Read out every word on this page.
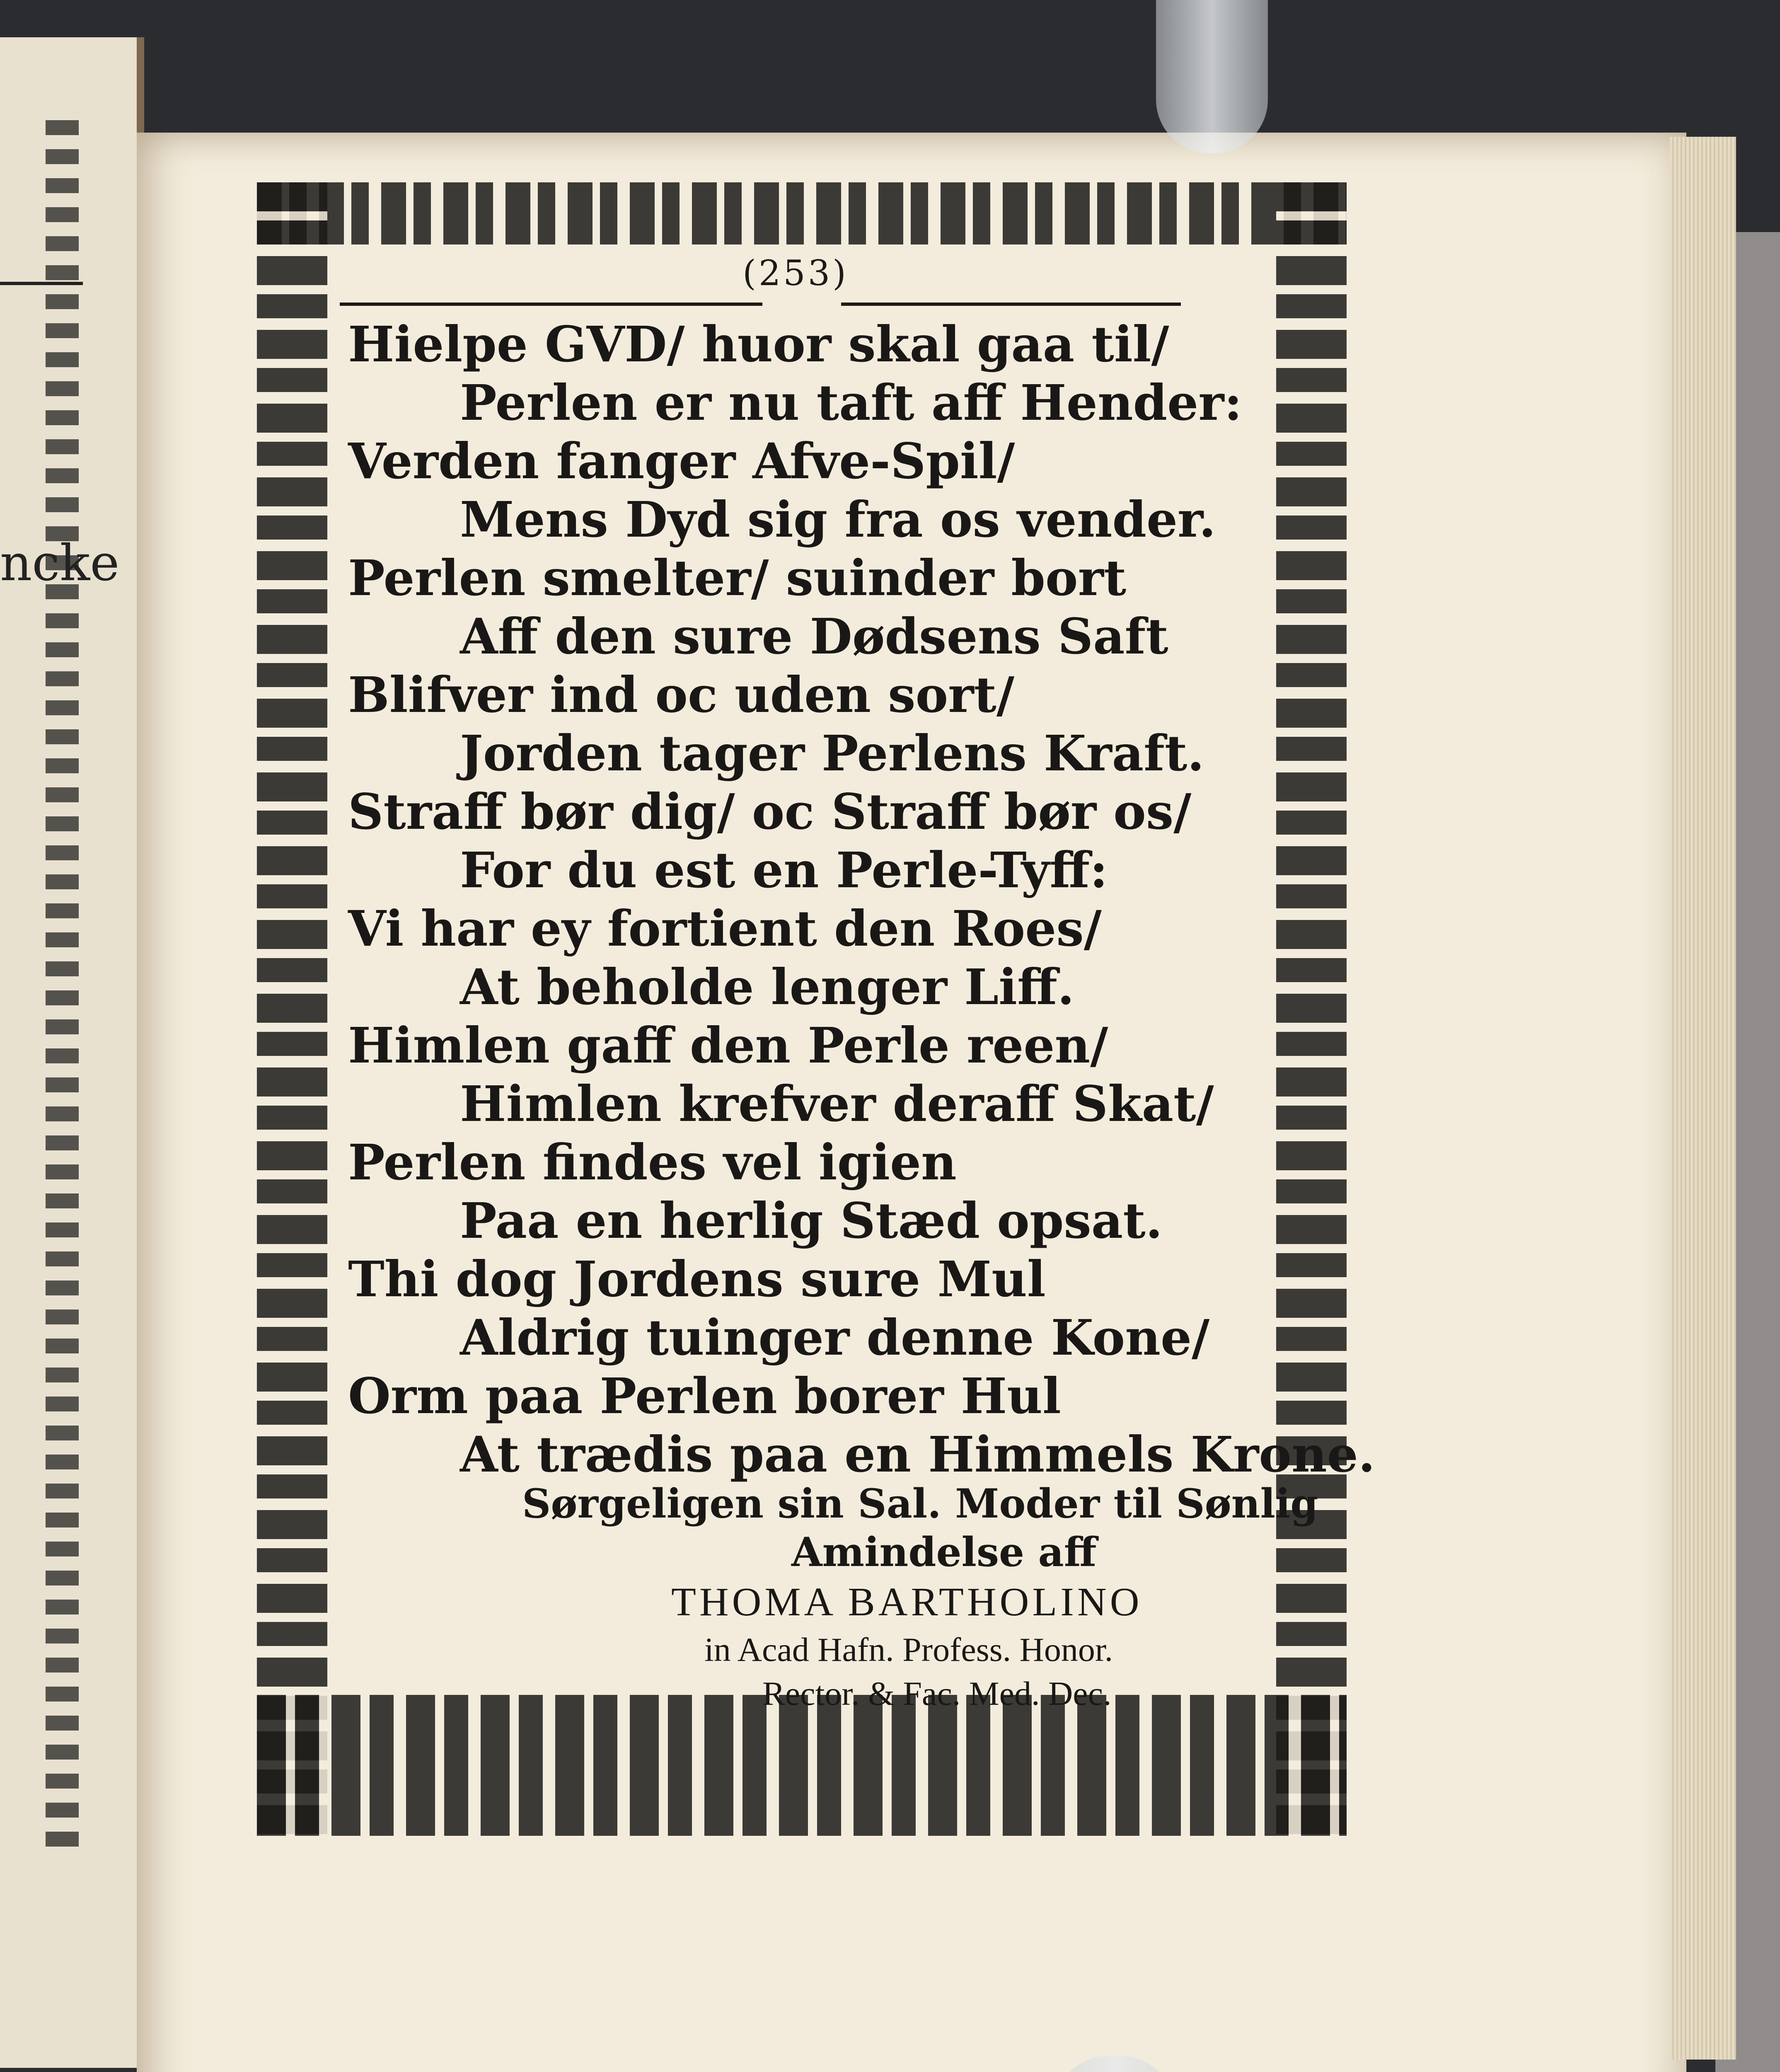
ncke
(253)
Hielpe GVD/ huor skal gaa til/
Perlen er nu taft aff Hender:
Verden fanger Afve-Spil/
Mens Dyd sig fra os vender.
Perlen smelter/ suinder bort
Aff den sure Dødsens Saft
Blifver ind oc uden sort/
Jorden tager Perlens Kraft.
Straff bør dig/ oc Straff bør os/
For du est en Perle-Tyff:
Vi har ey fortient den Roes/
At beholde lenger Liff.
Himlen gaff den Perle reen/
Himlen krefver deraff Skat/
Perlen findes vel igien
Paa en herlig Stæd opsat.
Thi dog Jordens sure Mul
Aldrig tuinger denne Kone/
Orm paa Perlen borer Hul
At trædis paa en Himmels Krone.
Sørgeligen sin Sal. Moder til Sønlig
Amindelse aff
THOMA BARTHOLINO
in Acad Hafn. Profess. Honor.
Rector. & Fac. Med. Dec.
